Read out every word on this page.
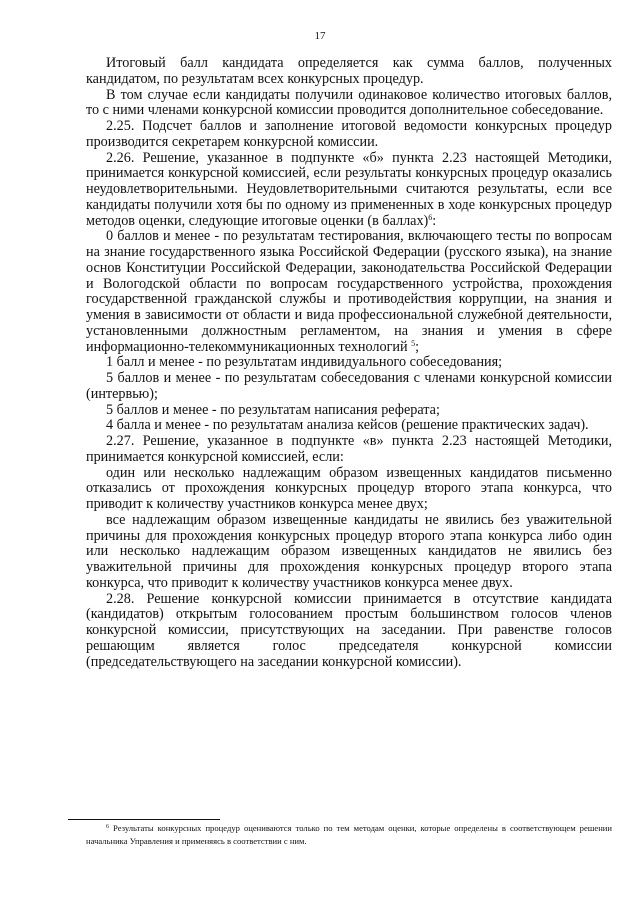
17

Итоговый балл кандидата определяется как сумма баллов, полученных кандидатом, по результатам всех конкурсных процедур.

В том случае если кандидаты получили одинаковое количество итоговых баллов, то с ними членами конкурсной комиссии проводится дополнительное собеседование.

2.25. Подсчет баллов и заполнение итоговой ведомости конкурсных процедур производится секретарем конкурсной комиссии.

2.26. Решение, указанное в подпункте «б» пункта 2.23 настоящей Методики, принимается конкурсной комиссией, если результаты конкурсных процедур оказались неудовлетворительными. Неудовлетворительными считаются результаты, если все кандидаты получили хотя бы по одному из примененных в ходе конкурсных процедур методов оценки, следующие итоговые оценки (в баллах)$^6$:

0 баллов и менее - по результатам тестирования, включающего тесты по вопросам на знание государственного языка Российской Федерации (русского языка), на знание основ Конституции Российской Федерации, законодательства Российской Федерации и Вологодской области по вопросам государственного устройства, прохождения государственной гражданской службы и противодействия коррупции, на знания и умения в зависимости от области и вида профессиональной служебной деятельности, установленными должностным регламентом, на знания и умения в сфере информационно-телекоммуникационных технологий $^5$;

1 балл и менее - по результатам индивидуального собеседования;

5 баллов и менее - по результатам собеседования с членами конкурсной комиссии (интервью);

5 баллов и менее - по результатам написания реферата;

4 балла и менее - по результатам анализа кейсов (решение практических задач).

2.27. Решение, указанное в подпункте «в» пункта 2.23 настоящей Методики, принимается конкурсной комиссией, если:

один или несколько надлежащим образом извещенных кандидатов письменно отказались от прохождения конкурсных процедур второго этапа конкурса, что приводит к количеству участников конкурса менее двух;

все надлежащим образом извещенные кандидаты не явились без уважительной причины для прохождения конкурсных процедур второго этапа конкурса либо один или несколько надлежащим образом извещенных кандидатов не явились без уважительной причины для прохождения конкурсных процедур второго этапа конкурса, что приводит к количеству участников конкурса менее двух.

2.28. Решение конкурсной комиссии принимается в отсутствие кандидата (кандидатов) открытым голосованием простым большинством голосов членов конкурсной комиссии, присутствующих на заседании. При равенстве голосов решающим является голос председателя конкурсной комиссии (председательствующего на заседании конкурсной комиссии).

$^6$ Результаты конкурсных процедур оцениваются только по тем методам оценки, которые определены в соответствующем решении начальника Управления и применяясь в соответствии с ним.
